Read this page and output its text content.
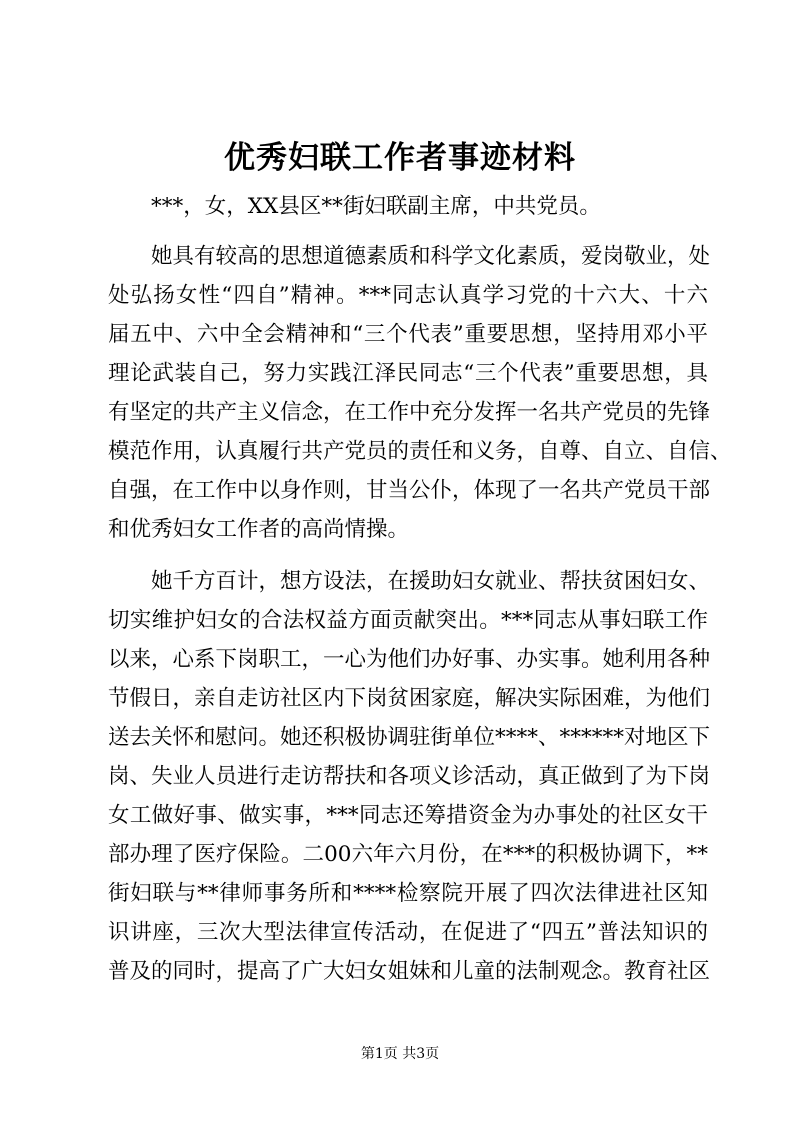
优秀妇联工作者事迹材料
***，女，XX县区**街妇联副主席，中共党员。
她具有较高的思想道德素质和科学文化素质，爱岗敬业，处
处弘扬女性“四自”精神。***同志认真学习党的十六大、十六
届五中、六中全会精神和“三个代表”重要思想，坚持用邓小平
理论武装自己，努力实践江泽民同志“三个代表”重要思想，具
有坚定的共产主义信念，在工作中充分发挥一名共产党员的先锋
模范作用，认真履行共产党员的责任和义务，自尊、自立、自信、
自强，在工作中以身作则，甘当公仆，体现了一名共产党员干部
和优秀妇女工作者的高尚情操。
她千方百计，想方设法，在援助妇女就业、帮扶贫困妇女、
切实维护妇女的合法权益方面贡献突出。***同志从事妇联工作
以来，心系下岗职工，一心为他们办好事、办实事。她利用各种
节假日，亲自走访社区内下岗贫困家庭，解决实际困难，为他们
送去关怀和慰问。她还积极协调驻街单位****、******对地区下
岗、失业人员进行走访帮扶和各项义诊活动，真正做到了为下岗
女工做好事、做实事，***同志还筹措资金为办事处的社区女干
部办理了医疗保险。二00六年六月份，在***的积极协调下，**
街妇联与**律师事务所和****检察院开展了四次法律进社区知
识讲座，三次大型法律宣传活动，在促进了“四五”普法知识的
普及的同时，提高了广大妇女姐妹和儿童的法制观念。教育社区
第1页 共3页
